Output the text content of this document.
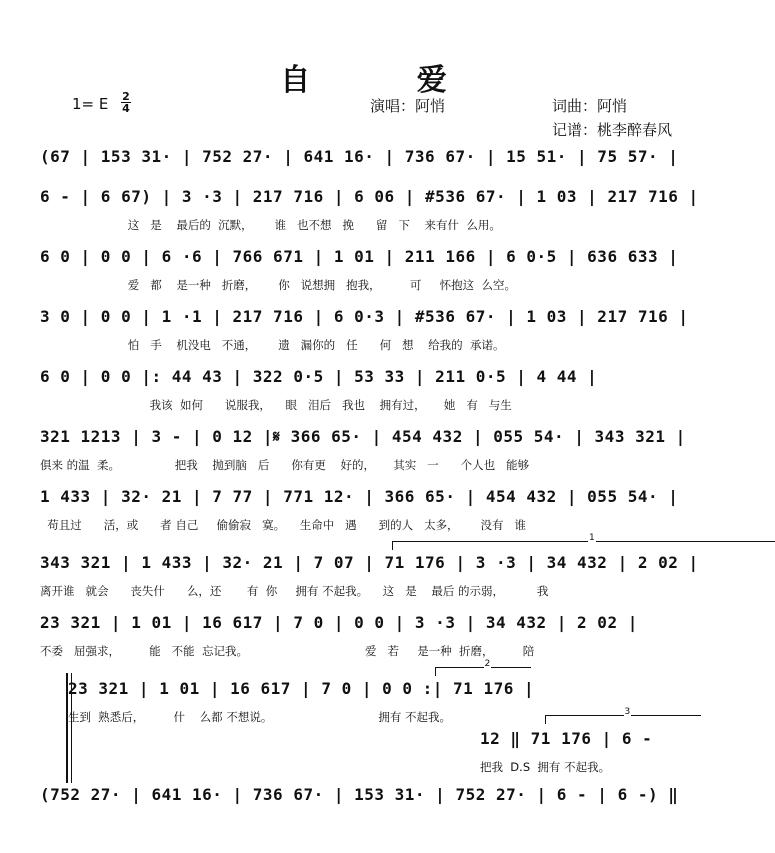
自 爱
1= E 2
4	演唱：阿悄	词曲：阿悄
记谱：桃李醉春风
(67 | 153 31· | 752 27· | 641 16· | 736 67· | 15 51· | 75 57· |
6 - | 6 67) | 3 ·3 | 217 716 | 6 06 | #536 67· | 1 03 | 217 716 |
这   是    最后的  沉默，      谁   也不想   挽      留   下    来有什  么用。
6 0 | 0 0 | 6 ·6 | 766 671 | 1 01 | 211 166 | 6 0·5 | 636 633 |
爱   都    是一种   折磨，      你   说想拥   抱我，        可     怀抱这  么空。
3 0 | 0 0 | 1 ·1 | 217 716 | 6 0·3 | #536 67· | 1 03 | 217 716 |
怕   手    机没电   不通，      遗   漏你的   任      何   想    给我的  承诺。
6 0 | 0 0 |: 44 43 | 322 0·5 | 53 33 | 211 0·5 | 4 44 |
我该  如何      说服我，    眼   泪后   我也    拥有过，     她   有   与生
321 1213 | 3 - | 0 12 |𝄋 366 65· | 454 432 | 055 54· | 343 321 |
俱来 的温  柔。               把我    抛到脑   后      你有更    好的，     其实   一      个人也   能够
1 433 | 32· 21 | 7 77 | 771 12· | 366 65· | 454 432 | 055 54· |
苟且过      活，或      者 自己     偷偷寂   寞。    生命中   遇      到的人   太多，      没有   谁
1
343 321 | 1 433 | 32· 21 | 7 07 | 71 176 | 3 ·3 | 34 432 | 2 02 |
离开谁   就会      丧失什      么，还       有  你     拥有 不起我。    这   是    最后 的示弱，         我
23 321 | 1 01 | 16 617 | 7 0 | 0 0 | 3 ·3 | 34 432 | 2 02 |
不委   屈强求，        能   不能  忘记我。                                爱   若     是一种  折磨，        陪
2
23 321 | 1 01 | 16 617 | 7 0 | 0 0 :| 71 176 |
生到  熟悉后，        什    么都 不想说。                             拥有 不起我。	3
12 ‖ 71 176 | 6 -
把我  D.S  拥有 不起我。
(752 27· | 641 16· | 736 67· | 153 31· | 752 27· | 6 - | 6 -) ‖
